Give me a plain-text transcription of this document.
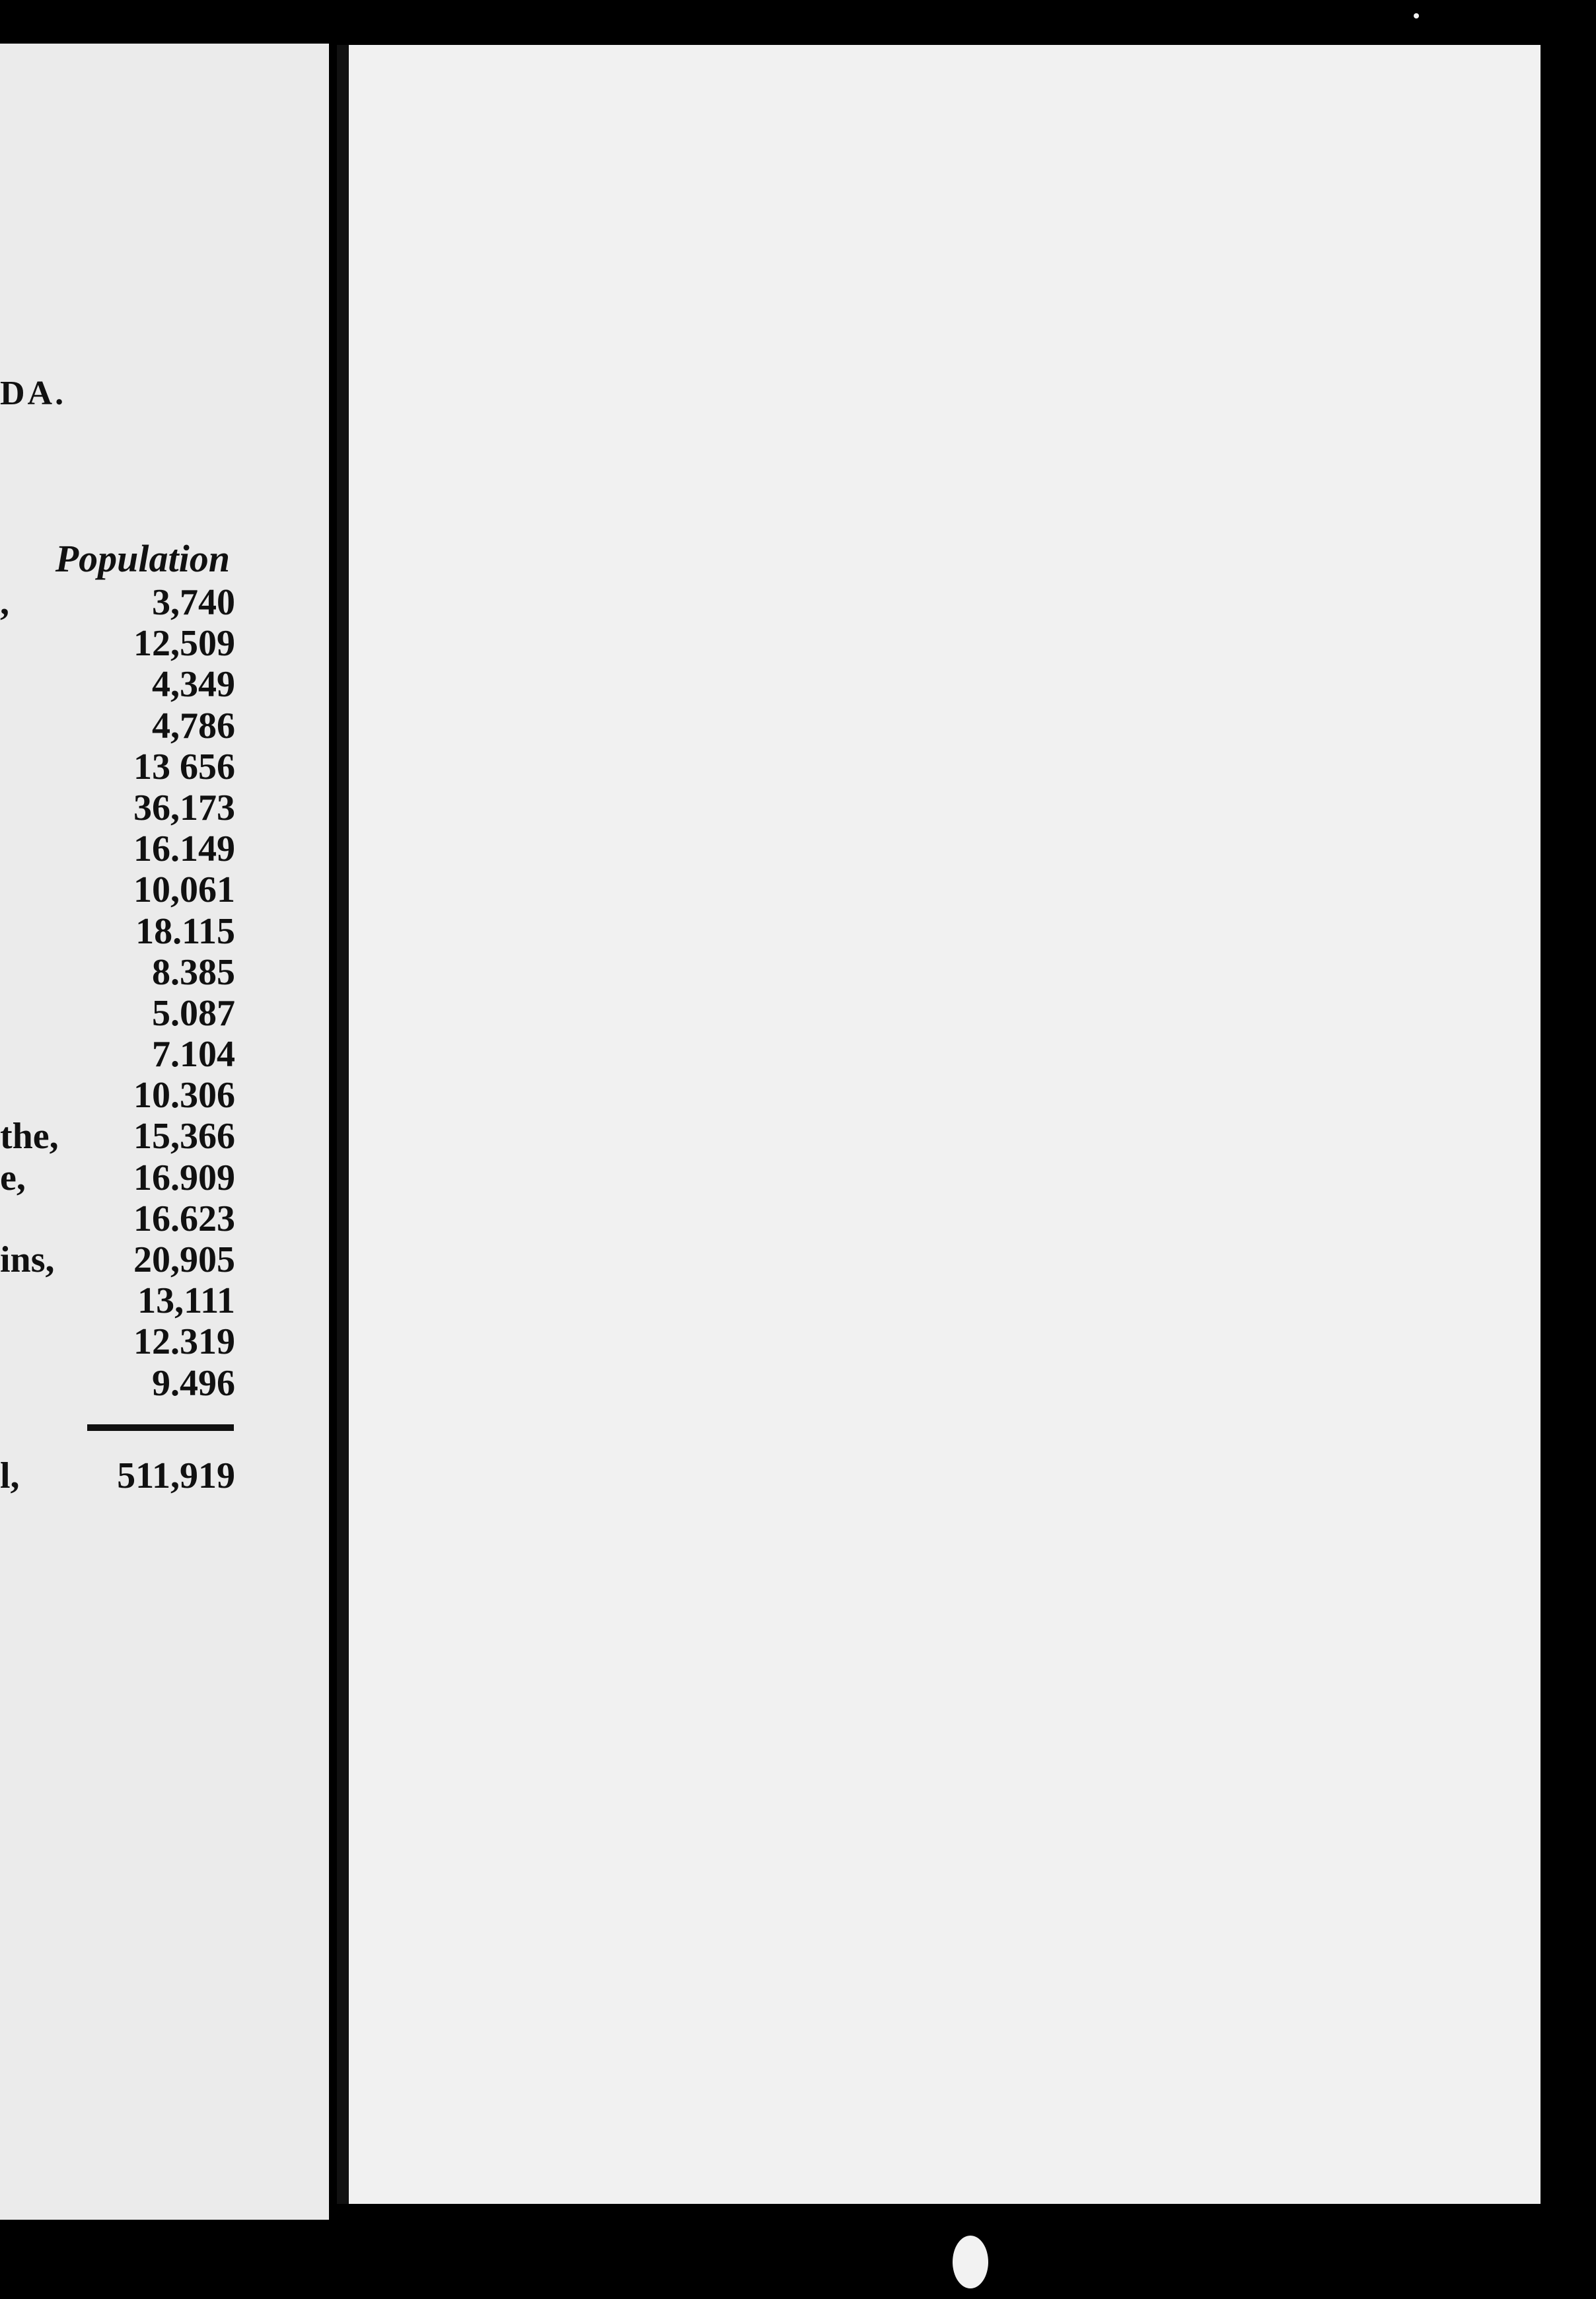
DA.
Population
,	3,740
12,509
4,349
4,786
13 656
36,173
16.149
10,061
18.115
8.385
5.087
7.104
10.306
the, 15,366
e,	16.909
16.623
ins, 20,905
13,111
12.319
9.496
l,	511,919
